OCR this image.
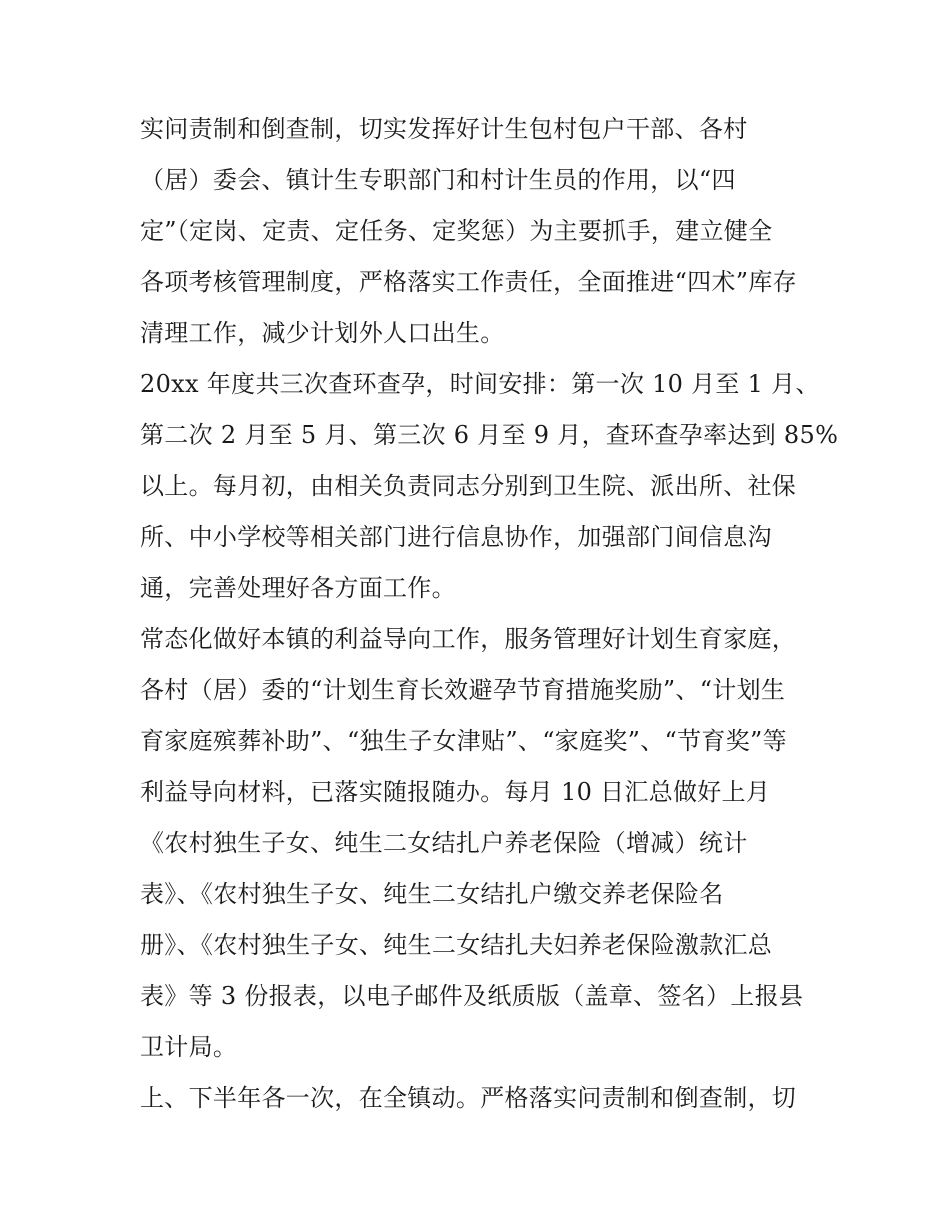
实问责制和倒查制，切实发挥好计生包村包户干部、各村
（居）委会、镇计生专职部门和村计生员的作用，以“四
定”（定岗、定责、定任务、定奖惩）为主要抓手，建立健全
各项考核管理制度，严格落实工作责任，全面推进“四术”库存
清理工作，减少计划外人口出生。
20xx 年度共三次查环查孕，时间安排：第一次 10 月至 1 月、
第二次 2 月至 5 月、第三次 6 月至 9 月，查环查孕率达到 85%
以上。每月初，由相关负责同志分别到卫生院、派出所、社保
所、中小学校等相关部门进行信息协作，加强部门间信息沟
通，完善处理好各方面工作。
常态化做好本镇的利益导向工作，服务管理好计划生育家庭，
各村（居）委的“计划生育长效避孕节育措施奖励”、“计划生
育家庭殡葬补助”、“独生子女津贴”、“家庭奖”、“节育奖”等
利益导向材料，已落实随报随办。每月 10 日汇总做好上月
《农村独生子女、纯生二女结扎户养老保险（增减）统计
表》、《农村独生子女、纯生二女结扎户缴交养老保险名
册》、《农村独生子女、纯生二女结扎夫妇养老保险激款汇总
表》等 3 份报表，以电子邮件及纸质版（盖章、签名）上报县
卫计局。
上、下半年各一次，在全镇动。严格落实问责制和倒查制，切
